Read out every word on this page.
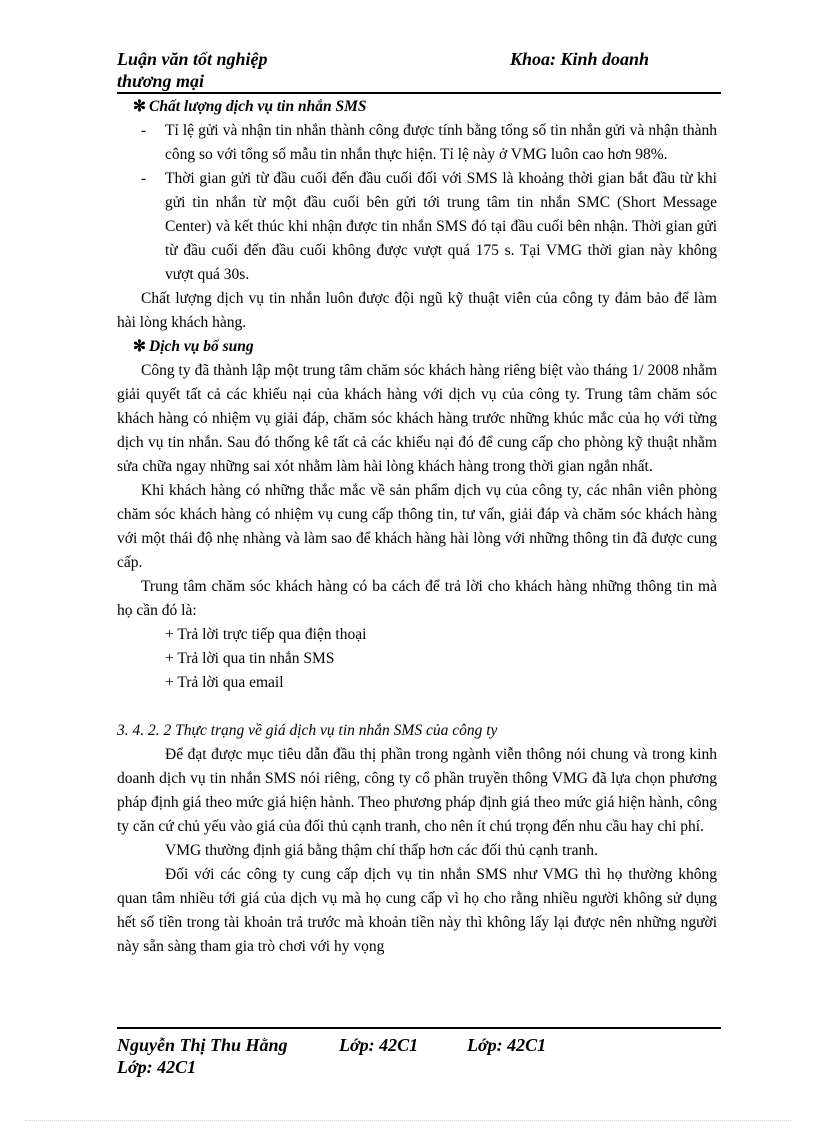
Luận văn tốt nghiệp
thương mại
Khoa: Kinh doanh

✻ Chất lượng dịch vụ tin nhắn SMS

- Tỉ lệ gửi và nhận tin nhắn thành công được tính bằng tổng số tin nhắn gửi và nhận thành công so với tổng số mẫu tin nhắn thực hiện. Tỉ lệ này ở VMG luôn cao hơn 98%.

- Thời gian gửi từ đầu cuối đến đầu cuối đối với SMS là khoảng thời gian bắt đầu từ khi gửi tin nhắn từ một đầu cuối bên gửi tới trung tâm tin nhắn SMC (Short Message Center) và kết thúc khi nhận được tin nhắn SMS đó tại đầu cuối bên nhận. Thời gian gửi từ đầu cuối đến đầu cuối không được vượt quá 175 s. Tại VMG thời gian này không vượt quá 30s.

Chất lượng dịch vụ tin nhắn luôn được đội ngũ kỹ thuật viên của công ty đảm bảo để làm hài lòng khách hàng.

✻ Dịch vụ bổ sung

Công ty đã thành lập một trung tâm chăm sóc khách hàng riêng biệt vào tháng 1/ 2008 nhằm giải quyết tất cả các khiếu nại của khách hàng với dịch vụ của công ty. Trung tâm chăm sóc khách hàng có nhiệm vụ giải đáp, chăm sóc khách hàng trước những khúc mắc của họ với từng dịch vụ tin nhắn. Sau đó thống kê tất cả các khiếu nại đó để cung cấp cho phòng kỹ thuật nhằm sửa chữa ngay những sai xót nhằm làm hài lòng khách hàng trong thời gian ngắn nhất.

Khi khách hàng có những thắc mắc về sản phẩm dịch vụ của công ty, các nhân viên phòng chăm sóc khách hàng có nhiệm vụ cung cấp thông tin, tư vấn, giải đáp và chăm sóc khách hàng với một thái độ nhẹ nhàng và làm sao để khách hàng hài lòng với những thông tin đã được cung cấp.

Trung tâm chăm sóc khách hàng có ba cách để trả lời cho khách hàng những thông tin mà họ cần đó là:

+ Trả lời trực tiếp qua điện thoại

+ Trả lời qua tin nhắn SMS

+ Trả lời qua email

3. 4. 2. 2 Thực trạng về giá dịch vụ tin nhắn SMS của công ty

Để đạt được mục tiêu dẫn đầu thị phần trong ngành viễn thông nói chung và trong kinh doanh dịch vụ tin nhắn SMS nói riêng, công ty cổ phần truyền thông VMG đã lựa chọn phương pháp định giá theo mức giá hiện hành. Theo phương pháp định giá theo mức giá hiện hành, công ty căn cứ chủ yếu vào giá của đối thủ cạnh tranh, cho nên ít chú trọng đến nhu cầu hay chi phí.

VMG thường định giá bằng thậm chí thấp hơn các đối thủ cạnh tranh.

Đối với các công ty cung cấp dịch vụ tin nhắn SMS như VMG thì họ thường không quan tâm nhiều tới giá của dịch vụ mà họ cung cấp vì họ cho rằng nhiều người không sử dụng hết số tiền trong tài khoản trả trước mà khoản tiền này thì không lấy lại được nên những người này sẵn sàng tham gia trò chơi với hy vọng

Nguyễn Thị Thu Hằng	Lớp: 42C1	Lớp: 42C1
Lớp: 42C1
